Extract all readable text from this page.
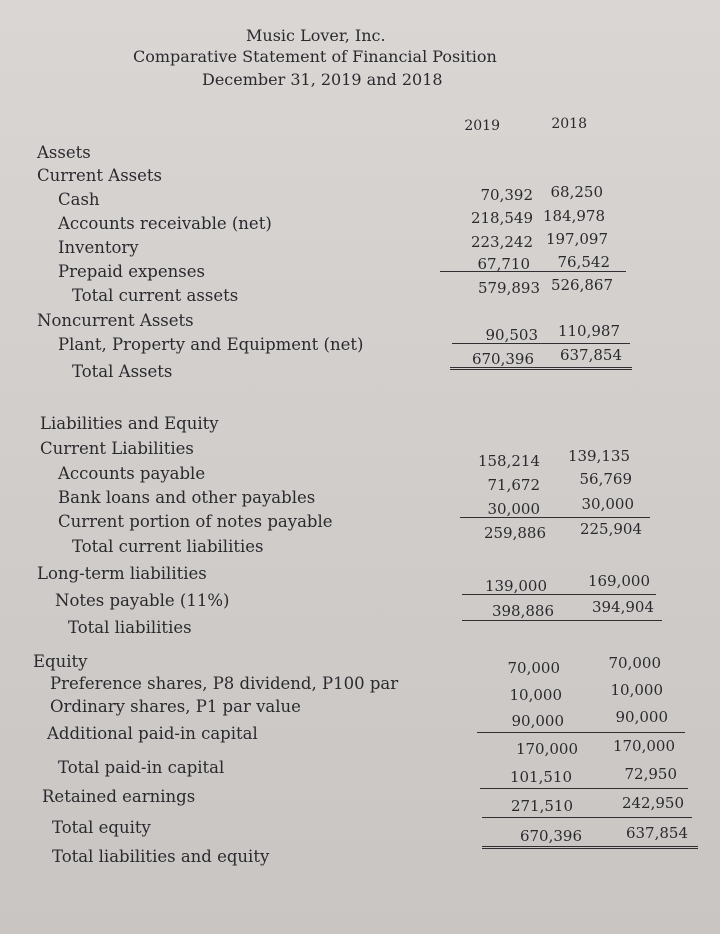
Music Lover, Inc.
Comparative Statement of Financial Position
December 31, 2019 and 2018
2019	2018
Assets
Current Assets
Cash	70,392 68,250
Accounts receivable (net)	218,549 184,978
Inventory	223,242 197,097
Prepaid expenses	67,710 76,542
Total current assets	579,893 526,867
Noncurrent Assets
Plant, Property and Equipment (net)	90,503 110,987
Total Assets
670,396 637,854
Liabilities and Equity
Current Liabilities
Accounts payable
158,214 139,135
Bank loans and other payables
71,672	56,769
Current portion of notes payable
30,000	30,000
Total current liabilities
259,886 225,904
Long-term liabilities
Notes payable (11%)
139,000	169,000
Total liabilities
398,886	394,904
Equity
Preference shares, P8 dividend, P100 par
70,000	70,000
Ordinary shares, P1 par value
10,000	10,000
Additional paid-in capital
90,000	90,000
Total paid-in capital
170,000 170,000
Retained earnings
101,510	72,950
Total equity
271,510	242,950
Total liabilities and equity
670,396	637,854
